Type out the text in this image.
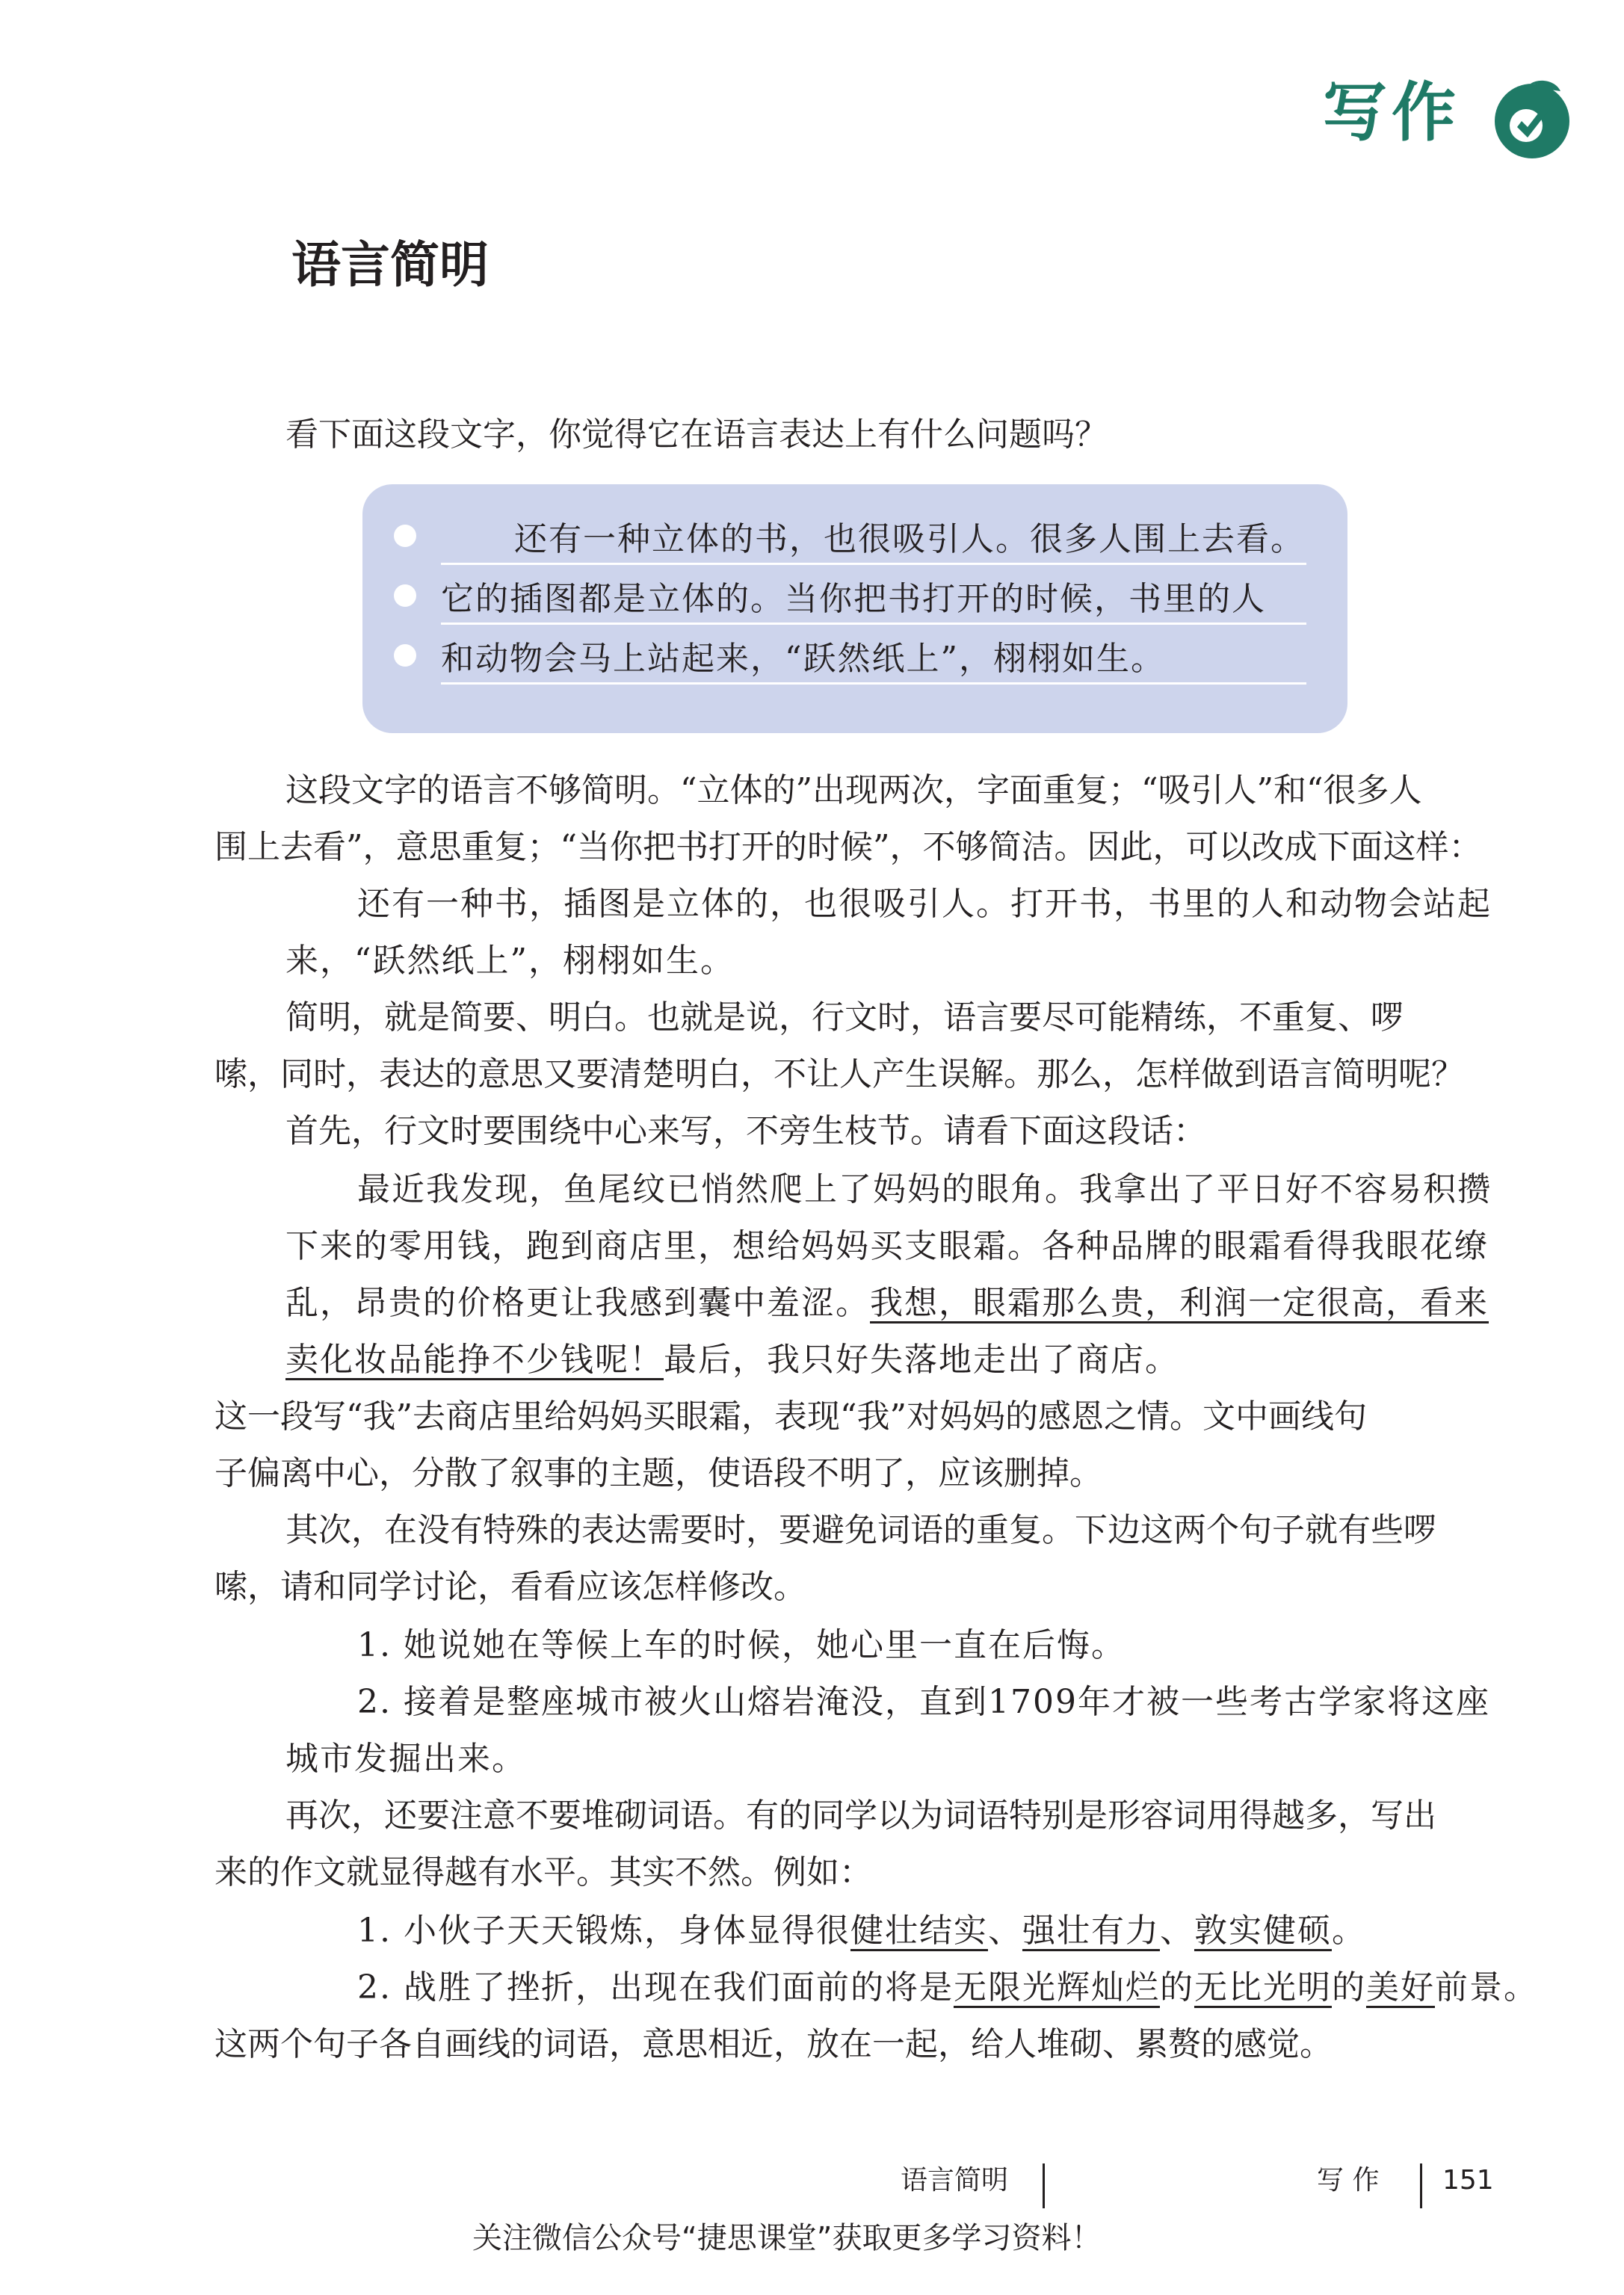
写作
语言简明
看下面这段文字，你觉得它在语言表达上有什么问题吗？
还有一种立体的书，也很吸引人。很多人围上去看。
它的插图都是立体的。当你把书打开的时候，书里的人
和动物会马上站起来，“跃然纸上”，栩栩如生。
这段文字的语言不够简明。“立体的”出现两次，字面重复；“吸引人”和“很多人
围上去看”，意思重复；“当你把书打开的时候”，不够简洁。因此，可以改成下面这样：
还有一种书，插图是立体的，也很吸引人。打开书，书里的人和动物会站起
来，“跃然纸上”，栩栩如生。
简明，就是简要、明白。也就是说，行文时，语言要尽可能精练，不重复、啰
嗦，同时，表达的意思又要清楚明白，不让人产生误解。那么，怎样做到语言简明呢？
首先，行文时要围绕中心来写，不旁生枝节。请看下面这段话：
最近我发现，鱼尾纹已悄然爬上了妈妈的眼角。我拿出了平日好不容易积攒
下来的零用钱，跑到商店里，想给妈妈买支眼霜。各种品牌的眼霜看得我眼花缭
乱，昂贵的价格更让我感到囊中羞涩。我想，眼霜那么贵，利润一定很高，看来
卖化妆品能挣不少钱呢！最后，我只好失落地走出了商店。
这一段写“我”去商店里给妈妈买眼霜，表现“我”对妈妈的感恩之情。文中画线句
子偏离中心，分散了叙事的主题，使语段不明了，应该删掉。
其次，在没有特殊的表达需要时，要避免词语的重复。下边这两个句子就有些啰
嗦，请和同学讨论，看看应该怎样修改。
1. 她说她在等候上车的时候，她心里一直在后悔。
2. 接着是整座城市被火山熔岩淹没，直到1709年才被一些考古学家将这座
城市发掘出来。
再次，还要注意不要堆砌词语。有的同学以为词语特别是形容词用得越多，写出
来的作文就显得越有水平。其实不然。例如：
1. 小伙子天天锻炼，身体显得很健壮结实、强壮有力、敦实健硕。
2. 战胜了挫折，出现在我们面前的将是无限光辉灿烂的无比光明的美好前景。
这两个句子各自画线的词语，意思相近，放在一起，给人堆砌、累赘的感觉。
语言简明	写 作 151
关注微信公众号“捷思课堂”获取更多学习资料！
